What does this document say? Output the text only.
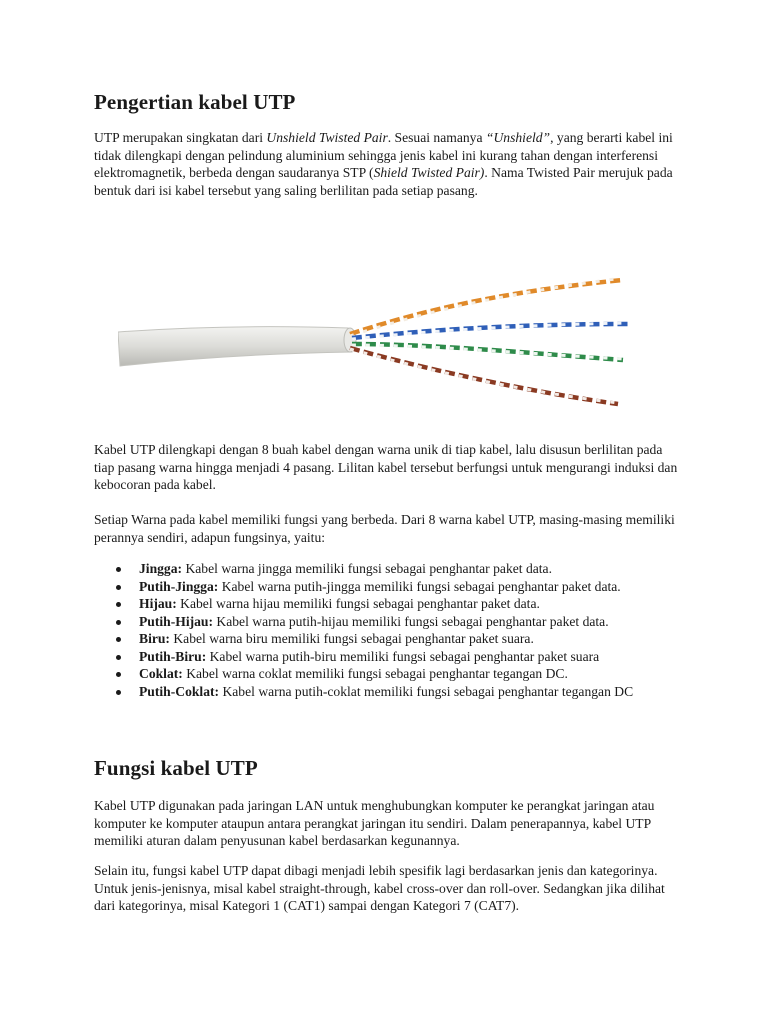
Pengertian kabel UTP

UTP merupakan singkatan dari Unshield Twisted Pair. Sesuai namanya “Unshield”, yang berarti kabel ini tidak dilengkapi dengan pelindung aluminium sehingga jenis kabel ini kurang tahan dengan interferensi elektromagnetik, berbeda dengan saudaranya STP (Shield Twisted Pair). Nama Twisted Pair merujuk pada bentuk dari isi kabel tersebut yang saling berlilitan pada setiap pasang.

Kabel UTP dilengkapi dengan 8 buah kabel dengan warna unik di tiap kabel, lalu disusun berlilitan pada tiap pasang warna hingga menjadi 4 pasang. Lilitan kabel tersebut berfungsi untuk mengurangi induksi dan kebocoran pada kabel.

Setiap Warna pada kabel memiliki fungsi yang berbeda. Dari 8 warna kabel UTP, masing-masing memiliki perannya sendiri, adapun fungsinya, yaitu:

Jingga: Kabel warna jingga memiliki fungsi sebagai penghantar paket data.
Putih-Jingga: Kabel warna putih-jingga memiliki fungsi sebagai penghantar paket data.
Hijau: Kabel warna hijau memiliki fungsi sebagai penghantar paket data.
Putih-Hijau: Kabel warna putih-hijau memiliki fungsi sebagai penghantar paket data.
Biru: Kabel warna biru memiliki fungsi sebagai penghantar paket suara.
Putih-Biru: Kabel warna putih-biru memiliki fungsi sebagai penghantar paket suara
Coklat: Kabel warna coklat memiliki fungsi sebagai penghantar tegangan DC.
Putih-Coklat: Kabel warna putih-coklat memiliki fungsi sebagai penghantar tegangan DC
Fungsi kabel UTP

Kabel UTP digunakan pada jaringan LAN untuk menghubungkan komputer ke perangkat jaringan atau komputer ke komputer ataupun antara perangkat jaringan itu sendiri. Dalam penerapannya, kabel UTP memiliki aturan dalam penyusunan kabel berdasarkan kegunannya.

Selain itu, fungsi kabel UTP dapat dibagi menjadi lebih spesifik lagi berdasarkan jenis dan kategorinya. Untuk jenis-jenisnya, misal kabel straight-through, kabel cross-over dan roll-over. Sedangkan jika dilihat dari kategorinya, misal Kategori 1 (CAT1) sampai dengan Kategori 7 (CAT7).
